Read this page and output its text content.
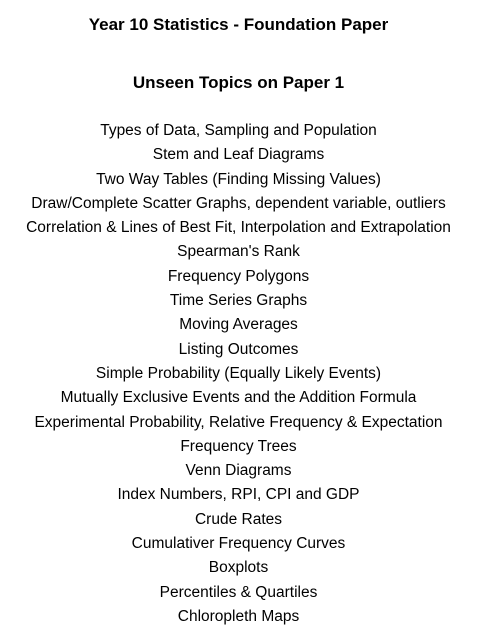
Year 10 Statistics - Foundation Paper
Unseen Topics on Paper 1
Types of Data, Sampling and Population
Stem and Leaf Diagrams
Two Way Tables (Finding Missing Values)
Draw/Complete Scatter Graphs, dependent variable, outliers
Correlation & Lines of Best Fit, Interpolation and Extrapolation
Spearman's Rank
Frequency Polygons
Time Series Graphs
Moving Averages
Listing Outcomes
Simple Probability (Equally Likely Events)
Mutually Exclusive Events and the Addition Formula
Experimental Probability, Relative Frequency & Expectation
Frequency Trees
Venn Diagrams
Index Numbers, RPI, CPI and GDP
Crude Rates
Cumulativer Frequency Curves
Boxplots
Percentiles & Quartiles
Chloropleth Maps
